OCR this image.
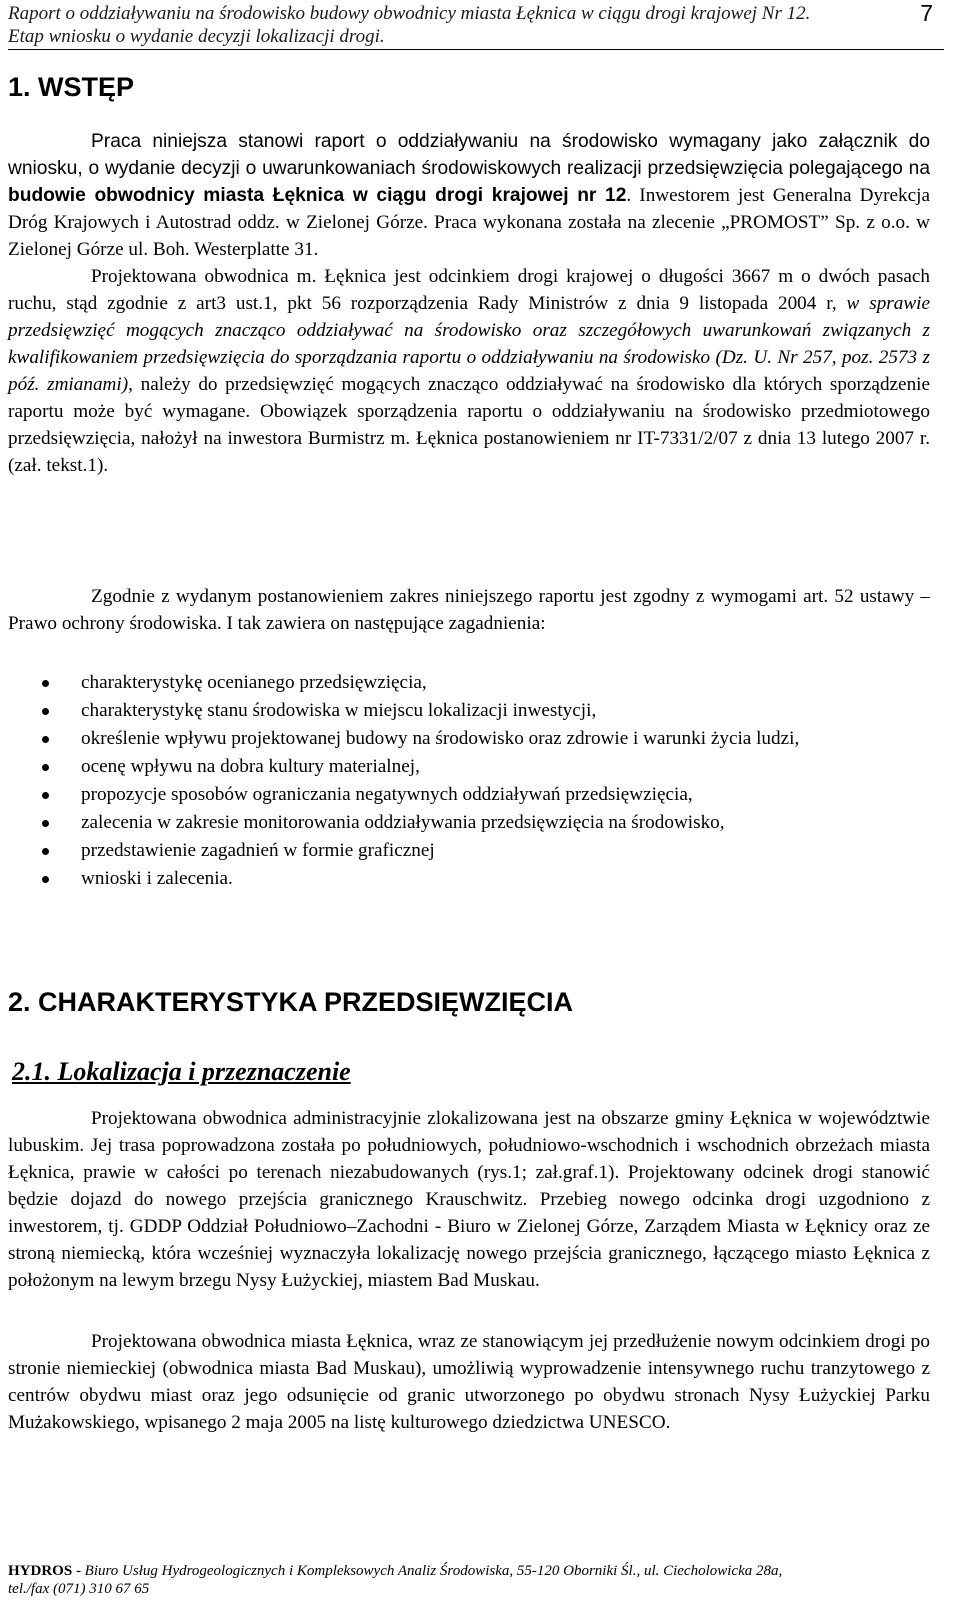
Raport o oddziaływaniu na środowisko budowy obwodnicy miasta Łęknica w ciągu drogi krajowej Nr 12.
Etap wniosku o wydanie decyzji lokalizacji drogi.
7
1. WSTĘP

Praca niniejsza stanowi raport o oddziaływaniu na środowisko wymagany jako załącznik do wniosku, o wydanie decyzji o uwarunkowaniach środowiskowych realizacji przedsięwzięcia polegającego na budowie obwodnicy miasta Łęknica w ciągu drogi krajowej nr 12. Inwestorem jest Generalna Dyrekcja Dróg Krajowych i Autostrad oddz. w Zielonej Górze. Praca wykonana została na zlecenie „PROMOST” Sp. z o.o. w Zielonej Górze ul. Boh. Westerplatte 31.
Projektowana obwodnica m. Łęknica jest odcinkiem drogi krajowej o długości 3667 m o dwóch pasach ruchu, stąd zgodnie z art3 ust.1, pkt 56 rozporządzenia Rady Ministrów z dnia 9 listopada 2004 r, w sprawie przedsięwzięć mogących znacząco oddziaływać na środowisko oraz szczegółowych uwarunkowań związanych z kwalifikowaniem przedsięwzięcia do sporządzania raportu o oddziaływaniu na środowisko (Dz. U. Nr 257, poz. 2573 z póź. zmianami), należy do przedsięwzięć mogących znacząco oddziaływać na środowisko dla których sporządzenie raportu może być wymagane. Obowiązek sporządzenia raportu o oddziaływaniu na środowisko przedmiotowego przedsięwzięcia, nałożył na inwestora Burmistrz m. Łęknica postanowieniem nr IT-7331/2/07 z dnia 13 lutego 2007 r. (zał. tekst.1).

Zgodnie z wydanym postanowieniem zakres niniejszego raportu jest zgodny z wymogami art. 52 ustawy – Prawo ochrony środowiska. I tak zawiera on następujące zagadnienia:

charakterystykę ocenianego przedsięwzięcia,
charakterystykę stanu środowiska w miejscu lokalizacji inwestycji,
określenie wpływu projektowanej budowy na środowisko oraz zdrowie i warunki życia ludzi,
ocenę wpływu na dobra kultury materialnej,
propozycje sposobów ograniczania negatywnych oddziaływań przedsięwzięcia,
zalecenia w zakresie monitorowania oddziaływania przedsięwzięcia na środowisko,
przedstawienie zagadnień w formie graficznej
wnioski i zalecenia.
2. CHARAKTERYSTYKA PRZEDSIĘWZIĘCIA
2.1. Lokalizacja i przeznaczenie

Projektowana obwodnica administracyjnie zlokalizowana jest na obszarze gminy Łęknica w województwie lubuskim. Jej trasa poprowadzona została po południowych, południowo-wschodnich i wschodnich obrzeżach miasta Łęknica, prawie w całości po terenach niezabudowanych (rys.1; zał.graf.1). Projektowany odcinek drogi stanowić będzie dojazd do nowego przejścia granicznego Krauschwitz. Przebieg nowego odcinka drogi uzgodniono z inwestorem, tj. GDDP Oddział Południowo–Zachodni - Biuro w Zielonej Górze, Zarządem Miasta w Łęknicy oraz ze stroną niemiecką, która wcześniej wyznaczyła lokalizację nowego przejścia granicznego, łączącego miasto Łęknica z położonym na lewym brzegu Nysy Łużyckiej, miastem Bad Muskau.

Projektowana obwodnica miasta Łęknica, wraz ze stanowiącym jej przedłużenie nowym odcinkiem drogi po stronie niemieckiej (obwodnica miasta Bad Muskau), umożliwią wyprowadzenie intensywnego ruchu tranzytowego z centrów obydwu miast oraz jego odsunięcie od granic utworzonego po obydwu stronach Nysy Łużyckiej Parku Mużakowskiego, wpisanego 2 maja 2005 na listę kulturowego dziedzictwa UNESCO.

HYDROS - Biuro Usług Hydrogeologicznych i Kompleksowych Analiz Środowiska, 55-120 Oborniki Śl., ul. Ciecholowicka 28a,
tel./fax (071) 310 67 65
